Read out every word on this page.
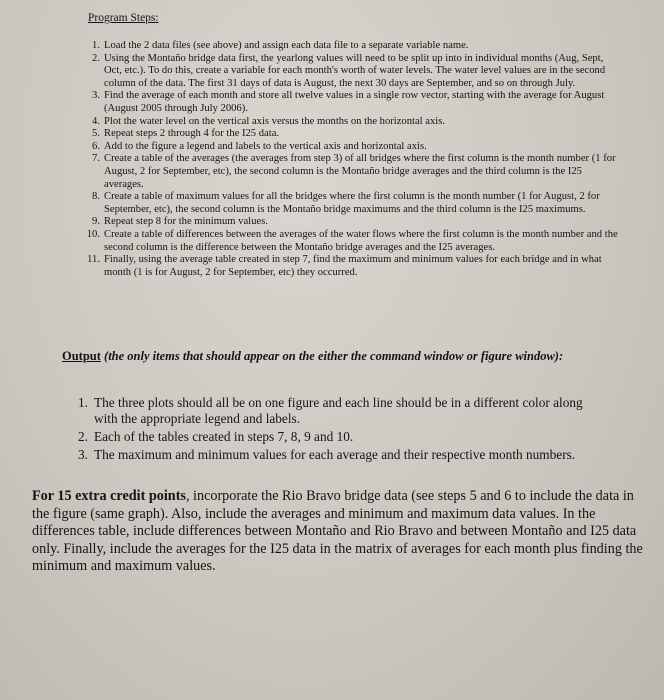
Program Steps:
1. Load the 2 data files (see above) and assign each data file to a separate variable name.
2. Using the Montaño bridge data first, the yearlong values will need to be split up into in individual months (Aug, Sept, Oct, etc.). To do this, create a variable for each month's worth of water levels. The water level values are in the second column of the data. The first 31 days of data is August, the next 30 days are September, and so on through July.
3. Find the average of each month and store all twelve values in a single row vector, starting with the average for August (August 2005 through July 2006).
4. Plot the water level on the vertical axis versus the months on the horizontal axis.
5. Repeat steps 2 through 4 for the I25 data.
6. Add to the figure a legend and labels to the vertical axis and horizontal axis.
7. Create a table of the averages (the averages from step 3) of all bridges where the first column is the month number (1 for August, 2 for September, etc), the second column is the Montaño bridge averages and the third column is the I25 averages.
8. Create a table of maximum values for all the bridges where the first column is the month number (1 for August, 2 for September, etc), the second column is the Montaño bridge maximums and the third column is the I25 maximums.
9. Repeat step 8 for the minimum values.
10. Create a table of differences between the averages of the water flows where the first column is the month number and the second column is the difference between the Montaño bridge averages and the I25 averages.
11. Finally, using the average table created in step 7, find the maximum and minimum values for each bridge and in what month (1 is for August, 2 for September, etc) they occurred.
Output (the only items that should appear on the either the command window or figure window):
1. The three plots should all be on one figure and each line should be in a different color along with the appropriate legend and labels.
2. Each of the tables created in steps 7, 8, 9 and 10.
3. The maximum and minimum values for each average and their respective month numbers.
For 15 extra credit points, incorporate the Rio Bravo bridge data (see steps 5 and 6 to include the data in the figure (same graph). Also, include the averages and minimum and maximum data values. In the differences table, include differences between Montaño and Rio Bravo and between Montaño and I25 data only. Finally, include the averages for the I25 data in the matrix of averages for each month plus finding the minimum and maximum values.
